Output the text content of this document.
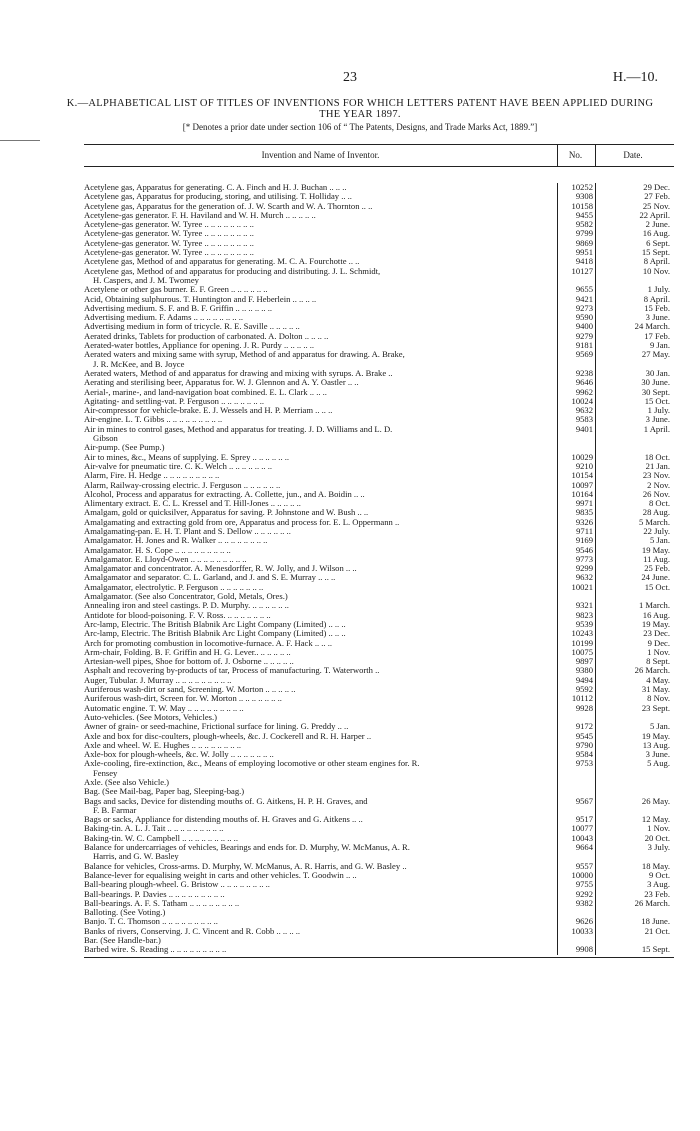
23	H.—10.
K.—ALPHABETICAL LIST OF TITLES OF INVENTIONS FOR WHICH LETTERS PATENT HAVE BEEN APPLIED DURING THE YEAR 1897.
[* Denotes a prior date under section 106 of “ The Patents, Designs, and Trade Marks Act, 1889.”]
Invention and Name of Inventor.	No.	Date.
Acetylene gas, Apparatus for generating. C. A. Finch and H. J. Buchan .. .. ..	10252	29 Dec.
Acetylene gas, Apparatus for producing, storing, and utilising. T. Holliday .. ..	9308	27 Feb.
Acetylene gas, Apparatus for the generation of. J. W. Scarth and W. A. Thornton .. ..	10158	25 Nov.
Acetylene-gas generator. F. H. Haviland and W. H. Murch .. .. .. .. ..	9455	22 April.
Acetylene-gas generator. W. Tyree .. .. .. .. .. .. .. ..	9582	2 June.
Acetylene-gas generator. W. Tyree .. .. .. .. .. .. .. ..	9799	16 Aug.
Acetylene-gas generator. W. Tyree .. .. .. .. .. .. .. ..	9869	6 Sept.
Acetylene-gas generator. W. Tyree .. .. .. .. .. .. .. ..	9951	15 Sept.
Acetylene gas, Method of and apparatus for generating. M. C. A. Fourchotte .. ..	9418	8 April.
Acetylene gas, Method of and apparatus for producing and distributing. J. L. Schmidt,	10127	10 Nov.
H. Caspers, and J. M. Twomey
Acetylene or other gas burner. E. F. Green .. .. .. .. .. ..	9655	1 July.
Acid, Obtaining sulphurous. T. Huntington and F. Heberlein .. .. .. ..	9421	8 April.
Advertising medium. S. F. and B. F. Griffin .. .. .. .. .. ..	9273	15 Feb.
Advertising medium. F. Adams .. .. .. .. .. .. .. ..	9590	3 June.
Advertising medium in form of tricycle. R. E. Saville .. .. .. .. ..	9400	24 March.
Aerated drinks, Tablets for production of carbonated. A. Dolton .. .. .. ..	9279	17 Feb.
Aerated-water bottles, Appliance for opening. J. R. Purdy .. .. .. .. ..	9181	9 Jan.
Aerated waters and mixing same with syrup, Method of and apparatus for drawing. A. Brake,	9569	27 May.
J. R. McKee, and B. Joyce
Aerated waters, Method of and apparatus for drawing and mixing with syrups. A. Brake ..	9238	30 Jan.
Aerating and sterilising beer, Apparatus for. W. J. Glennon and A. Y. Oastler .. ..	9646	30 June.
Aerial-, marine-, and land-navigation boat combined. E. L. Clark .. .. ..	9962	30 Sept.
Agitating- and settling-vat. P. Ferguson .. .. .. .. .. .. ..	10024	15 Oct.
Air-compressor for vehicle-brake. E. J. Wessels and H. P. Merriam .. .. ..	9632	1 July.
Air-engine. L. T. Gibbs .. .. .. .. .. .. .. .. ..	9583	3 June.
Air in mines to control gases, Method and apparatus for treating. J. D. Williams and L. D.	9401	1 April.
Gibson
Air-pump. (See Pump.)
Air to mines, &c., Means of supplying. E. Sprey .. .. .. .. .. ..	10029	18 Oct.
Air-valve for pneumatic tire. C. K. Welch .. .. .. .. .. .. ..	9210	21 Jan.
Alarm, Fire. H. Hedge .. .. .. .. .. .. .. .. ..	10154	23 Nov.
Alarm, Railway-crossing electric. J. Ferguson .. .. .. .. .. ..	10097	2 Nov.
Alcohol, Process and apparatus for extracting. A. Collette, jun., and A. Boidin .. ..	10164	26 Nov.
Alimentary extract. E. C. L. Kressel and T. Hill-Jones .. .. .. .. ..	9971	8 Oct.
Amalgam, gold or quicksilver, Apparatus for saving. P. Johnstone and W. Bush .. ..	9835	28 Aug.
Amalgamating and extracting gold from ore, Apparatus and process for. E. L. Oppermann ..	9326	5 March.
Amalgamating-pan. E. H. T. Plant and S. Dellow .. .. .. .. .. ..	9711	22 July.
Amalgamator. H. Jones and R. Walker .. .. .. .. .. .. .. ..	9169	5 Jan.
Amalgamator. H. S. Cope .. .. .. .. .. .. .. .. ..	9546	19 May.
Amalgamator. E. Lloyd-Owen .. .. .. .. .. .. .. .. ..	9773	11 Aug.
Amalgamator and concentrator. A. Menesdorffer, R. W. Jolly, and J. Wilson .. ..	9299	25 Feb.
Amalgamator and separator. C. L. Garland, and J. and S. E. Murray .. .. ..	9632	24 June.
Amalgamator, electrolytic. P. Ferguson .. .. .. .. .. .. ..	10021	15 Oct.
Amalgamator. (See also Concentrator, Gold, Metals, Ores.)
Annealing iron and steel castings. P. D. Murphy. .. .. .. .. .. ..	9321	1 March.
Antidote for blood-poisoning. F. V. Ross. .. .. .. .. .. .. ..	9823	16 Aug.
Arc-lamp, Electric. The British Blabnik Arc Light Company (Limited) .. .. ..	9539	19 May.
Arc-lamp, Electric. The British Blabnik Arc Light Company (Limited) .. .. ..	10243	23 Dec.
Arch for promoting combustion in locomotive-furnace. A. F. Hack .. .. ..	10199	9 Dec.
Arm-chair, Folding. B. F. Griffin and H. G. Lever.. .. .. .. .. ..	10075	1 Nov.
Artesian-well pipes, Shoe for bottom of. J. Osborne .. .. .. .. ..	9897	8 Sept.
Asphalt and recovering by-products of tar, Process of manufacturing. T. Waterworth ..	9380	26 March.
Auger, Tubular. J. Murray .. .. .. .. .. .. .. .. ..	9494	4 May.
Auriferous wash-dirt or sand, Screening. W. Morton .. .. .. .. ..	9592	31 May.
Auriferous wash-dirt, Screen for. W. Morton .. .. .. .. .. .. ..	10112	8 Nov.
Automatic engine. T. W. May .. .. .. .. .. .. .. .. ..	9928	23 Sept.
Auto-vehicles. (See Motors, Vehicles.)
Awner of grain- or seed-machine, Frictional surface for lining. G. Preddy .. ..	9172	5 Jan.
Axle and box for disc-coulters, plough-wheels, &c. J. Cockerell and R. H. Harper ..	9545	19 May.
Axle and wheel. W. E. Hughes .. .. .. .. .. .. .. ..	9790	13 Aug.
Axle-box for plough-wheels, &c. W. Jolly .. .. .. .. .. .. ..	9584	3 June.
Axle-cooling, fire-extinction, &c., Means of employing locomotive or other steam engines for. R.	9753	5 Aug.
Fensey
Axle. (See also Vehicle.)
Bag. (See Mail-bag, Paper bag, Sleeping-bag.)
Bags and sacks, Device for distending mouths of. G. Aitkens, H. P. H. Graves, and	9567	26 May.
F. B. Farmar
Bags or sacks, Appliance for distending mouths of. H. Graves and G. Aitkens .. ..	9517	12 May.
Baking-tin. A. L. J. Tait .. .. .. .. .. .. .. .. ..	10077	1 Nov.
Baking-tin. W. C. Campbell .. .. .. .. .. .. .. .. ..	10043	20 Oct.
Balance for undercarriages of vehicles, Bearings and ends for. D. Murphy, W. McManus, A. R.	9664	3 July.
Harris, and G. W. Basley
Balance for vehicles, Cross-arms. D. Murphy, W. McManus, A. R. Harris, and G. W. Basley ..	9557	18 May.
Balance-lever for equalising weight in carts and other vehicles. T. Goodwin .. ..	10000	9 Oct.
Ball-bearing plough-wheel. G. Bristow .. .. .. .. .. .. .. ..	9755	3 Aug.
Ball-bearings. P. Davies .. .. .. .. .. .. .. .. ..	9292	23 Feb.
Ball-bearings. A. F. S. Tatham .. .. .. .. .. .. .. ..	9382	26 March.
Balloting. (See Voting.)
Banjo. T. C. Thomson .. .. .. .. .. .. .. .. ..	9626	18 June.
Banks of rivers, Conserving. J. C. Vincent and R. Cobb .. .. .. ..	10033	21 Oct.
Bar. (See Handle-bar.)
Barbed wire. S. Reading .. .. .. .. .. .. .. .. ..	9908	15 Sept.
